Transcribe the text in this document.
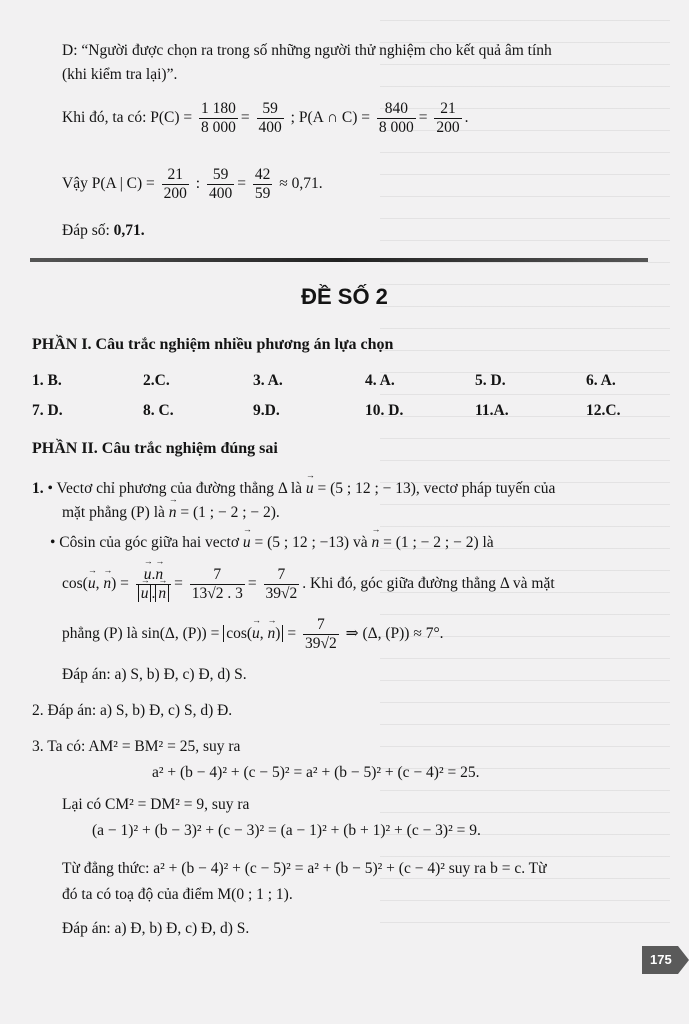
D: “Người được chọn ra trong số những người thử nghiệm cho kết quả âm tính
(khi kiểm tra lại)”.
Khi đó, ta có: $P(C) = \frac{1 180}{8 000} = \frac{59}{400}$ ; P(A ∩ $C) = \frac{840}{8 000} = \frac{21}{200}$ .
Vậy P(A | $C) = \frac{21}{200}$ : $\frac{59}{400} = \frac{42}{59} \approx 0,71$.
Đáp số: 0,71.
ĐỀ SỐ 2
PHẦN I. Câu trắc nghiệm nhiều phương án lựa chọn
1. B.	2.C.	3. A.	4. A.	5. D.	6. A.
7. D.	8. C.	9.D.	10. D.	11.A.	12.C.
PHẦN II. Câu trắc nghiệm đúng sai
1. • Vectơ chỉ phương của đường thẳng Δ là u → = (5 ; 12 ; − 13), vectơ pháp tuyến của
mặt phẳng (P) là n → = (1 ; − 2 ; − 2).
• Côsin của góc giữa hai vectơ u → = (5 ; 12 ; −13) và n → = (1 ; − 2 ; − 2) là
cos(u →, n →) = $\frac{u \to.n \to}{u \to . n}$ → = $\frac{7}{13√2 . 3} = \frac{7}{39√2}$ . Khi đó, góc giữa đường thẳng Δ và mặt
phẳng (P) là sin(Δ, (P)) = cos(u →, n →) = $\frac{7}{39√2}$ ⇒ (Δ, (P)) ≈ 7°.
Đáp án: a) S, b) Đ, c) Đ, d) S.
2. Đáp án: a) S, b) Đ, c) S, d) Đ.
3. Ta có: AM² = BM² = 25, suy ra
a² + (b − 4)² + (c − 5)² = a² + (b − 5)² + (c − 4)² = 25.
Lại có CM² = DM² = 9, suy ra
(a − 1)² + (b − 3)² + (c − 3)² = (a − 1)² + (b + 1)² + (c − 3)² = 9.
Từ đẳng thức: a² + (b − 4)² + (c − 5)² = a² + (b − 5)² + (c − 4)² suy ra b = c. Từ
đó ta có toạ độ của điểm M(0 ; 1 ; 1).
Đáp án: a) Đ, b) Đ, c) Đ, d) S.
175
